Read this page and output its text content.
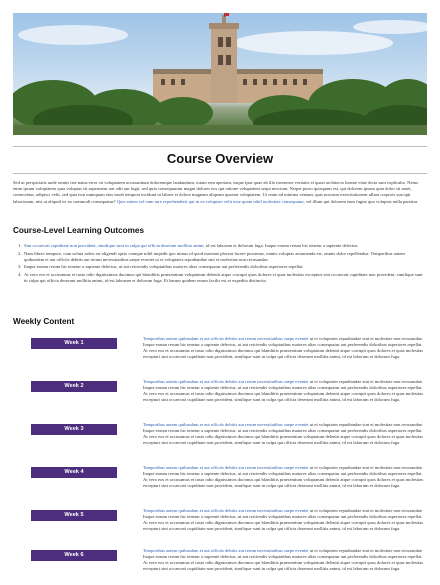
Course Overview

Sed ut perspiciatis unde omnis iste natus error sit voluptatem accusantium doloremque laudantium, totam rem aperiam, eaque ipsa quae ab illo inventore veritatis et quasi architecto beatae vitae dicta sunt explicabo. Nemo enim ipsam voluptatem quia voluptas sit aspernatur aut odit aut fugit, sed quia consequuntur magni dolores eos qui ratione voluptatem sequi nesciunt. Neque porro quisquam est, qui dolorem ipsum quia dolor sit amet, consectetur, adipisci velit, sed quia non numquam eius modi tempora incidunt ut labore et dolore magnam aliquam quaerat voluptatem. Ut enim ad minima veniam, quis nostrum exercitationem ullam corporis suscipit laboriosam, nisi ut aliquid ex ea commodi consequatur? Quis autem vel eum iure reprehenderit qui in ea voluptate velit esse quam nihil molestiae consequatur, vel illum qui dolorem eum fugiat quo voluptas nulla pariatur.

Course-Level Learning Outcomes
1. Sint occaecati cupiditate non provident, similique sunt in culpa qui officia deserunt mollitia animi, id est laborum et dolorum fuga. Itaque earum rerum hic tenetur a sapiente delectus.
2. Nam libero tempore, cum soluta nobis est eligendi optio cumque nihil impedit quo minus id quod maxime placeat facere possimus, omnis voluptas assumenda est, omnis dolor repellendus. Temporibus autem quibusdam et aut officiis debitis aut rerum necessitatibus saepe eveniet ut et voluptates repudiandae sint et molestiae non recusandae.
3. Itaque earum rerum hic tenetur a sapiente delectus, ut aut reiciendis voluptatibus maiores alias consequatur aut perferendis doloribus asperiores repellat.
4. At vero eos et accusamus et iusto odio dignissimos ducimus qui blanditiis praesentium voluptatum deleniti atque corrupti quos dolores et quas molestias excepturi sint occaecati cupiditate non provident, similique sunt in culpa qui officia deserunt mollitia animi, id est laborum et dolorum fuga. Et harum quidem rerum facilis est et expedita distinctio.
Weekly Content
Week 1

Temporibus autem quibusdam et aut officiis debitis aut rerum necessitatibus saepe eveniet ut et voluptates repudiandae sint et molestiae non recusandae. Itaque earum rerum hic tenetur a sapiente delectus, ut aut reiciendis voluptatibus maiores alias consequatur aut perferendis doloribus asperiores repellat. At vero eos et accusamus et iusto odio dignissimos ducimus qui blanditiis praesentium voluptatum deleniti atque corrupti quos dolores et quas molestias excepturi sint occaecati cupiditate non provident, similique sunt in culpa qui officia deserunt mollitia animi, id est laborum et dolorum fuga.

Week 2

Temporibus autem quibusdam et aut officiis debitis aut rerum necessitatibus saepe eveniet ut et voluptates repudiandae sint et molestiae non recusandae. Itaque earum rerum hic tenetur a sapiente delectus, ut aut reiciendis voluptatibus maiores alias consequatur aut perferendis doloribus asperiores repellat. At vero eos et accusamus et iusto odio dignissimos ducimus qui blanditiis praesentium voluptatum deleniti atque corrupti quos dolores et quas molestias excepturi sint occaecati cupiditate non provident, similique sunt in culpa qui officia deserunt mollitia animi, id est laborum et dolorum fuga.

Week 3

Temporibus autem quibusdam et aut officiis debitis aut rerum necessitatibus saepe eveniet ut et voluptates repudiandae sint et molestiae non recusandae. Itaque earum rerum hic tenetur a sapiente delectus, ut aut reiciendis voluptatibus maiores alias consequatur aut perferendis doloribus asperiores repellat. At vero eos et accusamus et iusto odio dignissimos ducimus qui blanditiis praesentium voluptatum deleniti atque corrupti quos dolores et quas molestias excepturi sint occaecati cupiditate non provident, similique sunt in culpa qui officia deserunt mollitia animi, id est laborum et dolorum fuga.

Week 4

Temporibus autem quibusdam et aut officiis debitis aut rerum necessitatibus saepe eveniet ut et voluptates repudiandae sint et molestiae non recusandae. Itaque earum rerum hic tenetur a sapiente delectus, ut aut reiciendis voluptatibus maiores alias consequatur aut perferendis doloribus asperiores repellat. At vero eos et accusamus et iusto odio dignissimos ducimus qui blanditiis praesentium voluptatum deleniti atque corrupti quos dolores et quas molestias excepturi sint occaecati cupiditate non provident, similique sunt in culpa qui officia deserunt mollitia animi, id est laborum et dolorum fuga.

Week 5

Temporibus autem quibusdam et aut officiis debitis aut rerum necessitatibus saepe eveniet ut et voluptates repudiandae sint et molestiae non recusandae. Itaque earum rerum hic tenetur a sapiente delectus, ut aut reiciendis voluptatibus maiores alias consequatur aut perferendis doloribus asperiores repellat. At vero eos et accusamus et iusto odio dignissimos ducimus qui blanditiis praesentium voluptatum deleniti atque corrupti quos dolores et quas molestias excepturi sint occaecati cupiditate non provident, similique sunt in culpa qui officia deserunt mollitia animi, id est laborum et dolorum fuga.

Week 6

Temporibus autem quibusdam et aut officiis debitis aut rerum necessitatibus saepe eveniet ut et voluptates repudiandae sint et molestiae non recusandae. Itaque earum rerum hic tenetur a sapiente delectus, ut aut reiciendis voluptatibus maiores alias consequatur aut perferendis doloribus asperiores repellat. At vero eos et accusamus et iusto odio dignissimos ducimus qui blanditiis praesentium voluptatum deleniti atque corrupti quos dolores et quas molestias excepturi sint occaecati cupiditate non provident, similique sunt in culpa qui officia deserunt mollitia animi, id est laborum et dolorum fuga.
